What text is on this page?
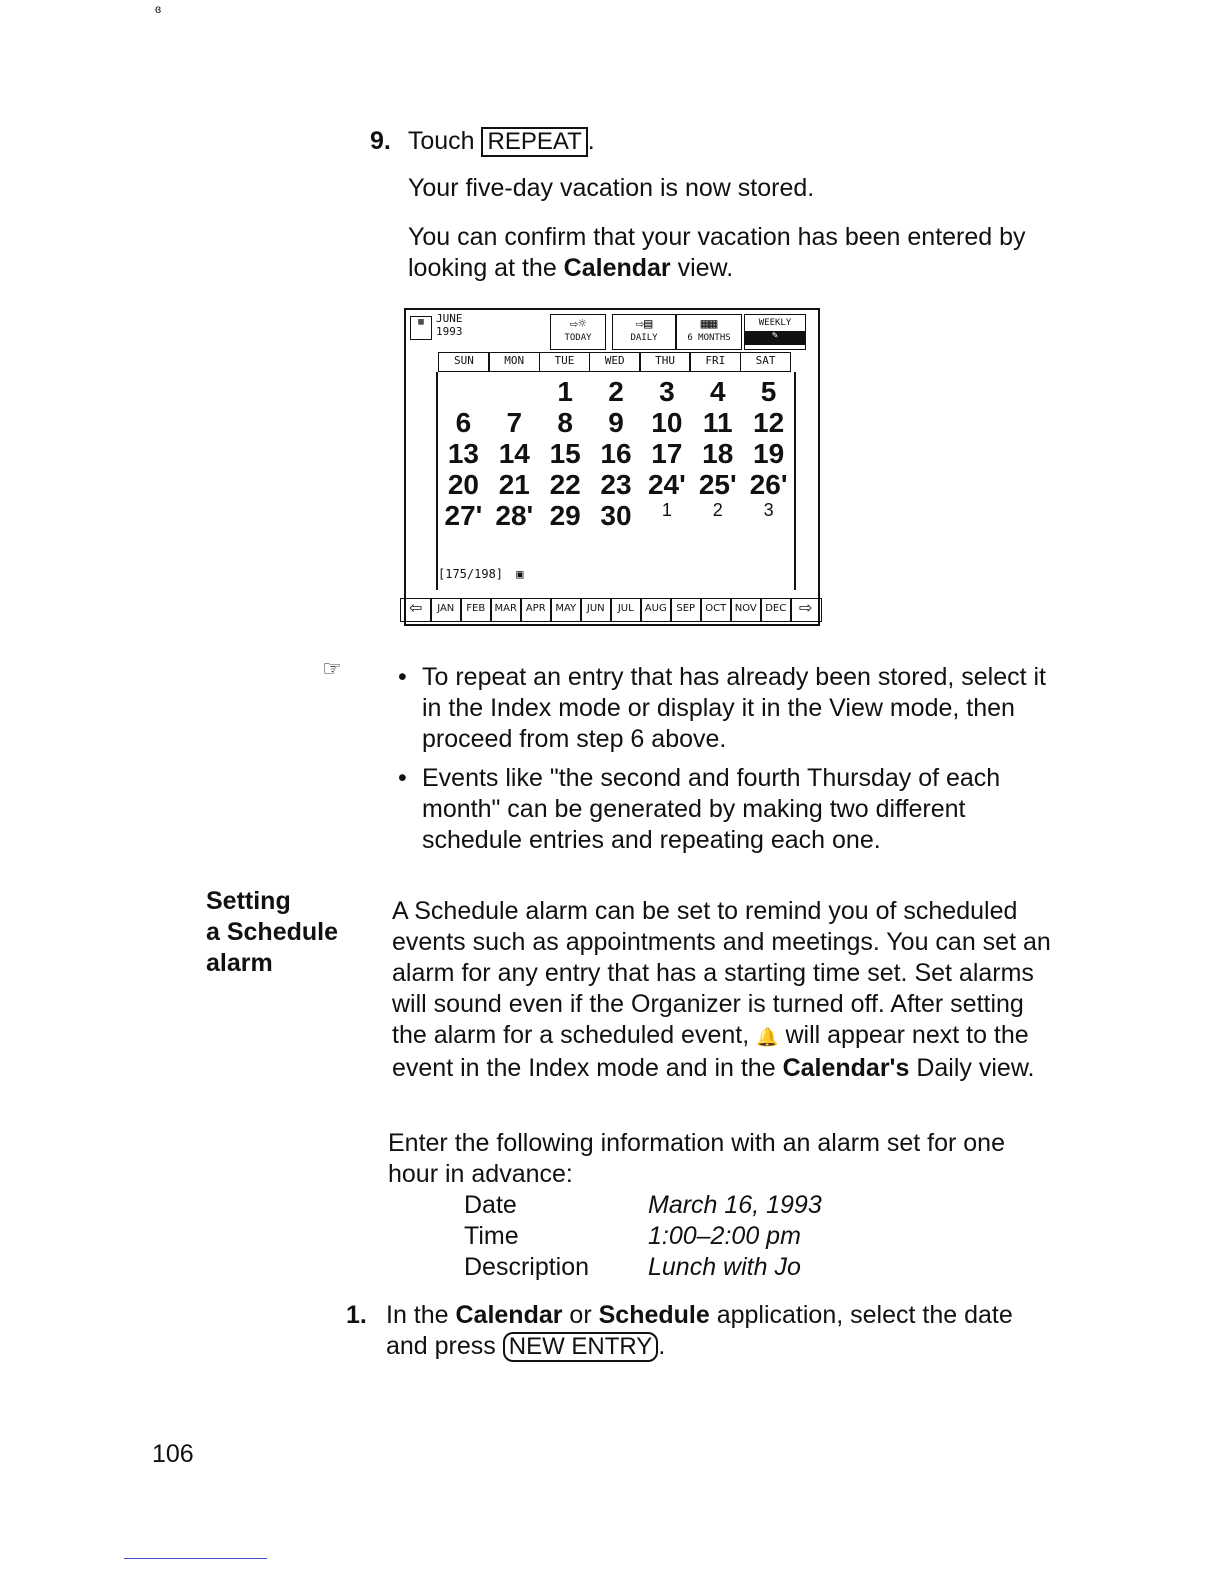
ɞ
9. Touch REPEAT .
Your five-day vacation is now stored.
You can confirm that your vacation has been entered by looking at the Calendar view.
▦	JUNE
1993	⇨☼
TODAY
⇨▤
DAILY
▦▦
6 MONTHS
WEEKLY
✎
SUN	MON	TUE	WED	THU	FRI	SAT
1	2	3	4	5
6	7	8	9 10 11 12
13 14 15 16 17 18 19
20 21 22 23 24' 25' 26'
27' 28' 29 30	1	2	3
[175/198] ▣
⇦	JAN	FEB MAR APR MAY	JUN	JUL	AUG SEP	OCT NOV DEC ⇨
☞
•	To repeat an entry that has already been stored, select it in the Index mode or display it in the View mode, then proceed from step 6 above.
• Events like "the second and fourth Thursday of each month" can be generated by making two different schedule entries and repeating each one.
Setting
a Schedule
alarm
A Schedule alarm can be set to remind you of scheduled events such as appointments and meetings. You can set an alarm for any entry that has a starting time set. Set alarms will sound even if the Organizer is turned off. After setting the alarm for a scheduled event, 🔔 will appear next to the event in the Index mode and in the Calendar's Daily view.
Enter the following information with an alarm set for one hour in advance:
Date	March 16, 1993
Time	1:00–2:00 pm
Description	Lunch with Jo
1. In the Calendar or Schedule application, select the date and press NEW ENTRY .
106
